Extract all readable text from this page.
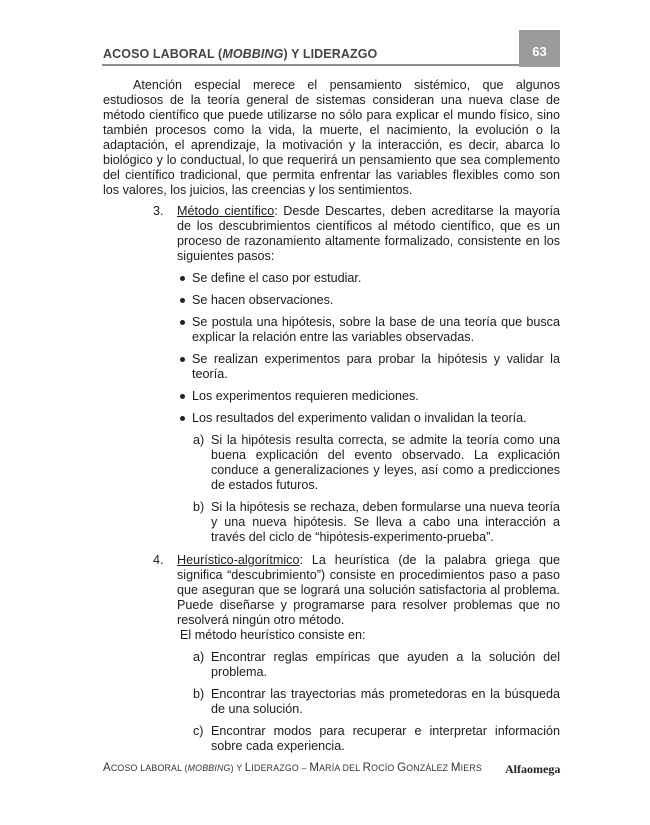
ACOSO LABORAL (MOBBING) Y LIDERAZGO	63

Atención especial merece el pensamiento sistémico, que algunos estudiosos de la teoría general de sistemas consideran una nueva clase de método científico que puede utilizarse no sólo para explicar el mundo físico, sino también procesos como la vida, la muerte, el nacimiento, la evolución o la adaptación, el aprendizaje, la motivación y la interacción, es decir, abarca lo biológico y lo conductual, lo que requerirá un pensamiento que sea complemento del científico tradicional, que permita enfrentar las variables flexibles como son los valores, los juicios, las creencias y los sentimientos.

3. Método científico: Desde Descartes, deben acreditarse la mayoría de los descubrimientos científicos al método científico, que es un proceso de razonamiento altamente formalizado, consistente en los siguientes pasos:
Se define el caso por estudiar.
Se hacen observaciones.
Se postula una hipótesis, sobre la base de una teoría que busca explicar la relación entre las variables observadas.
Se realizan experimentos para probar la hipótesis y validar la teoría.
Los experimentos requieren mediciones.
Los resultados del experimento validan o invalidan la teoría.
a) Si la hipótesis resulta correcta, se admite la teoría como una buena explicación del evento observado. La explicación conduce a generalizaciones y leyes, así como a predicciones de estados futuros.
b) Si la hipótesis se rechaza, deben formularse una nueva teoría y una nueva hipótesis. Se lleva a cabo una interacción a través del ciclo de “hipótesis-experimento-prueba”.
4. Heurístico-algorítmico: La heurística (de la palabra griega que significa “descubrimiento”) consiste en procedimientos paso a paso que aseguran que se logrará una solución satisfactoria al problema. Puede diseñarse y programarse para resolver problemas que no resolverá ningún otro método.

El método heurístico consiste en:

a) Encontrar reglas empíricas que ayuden a la solución del problema.
b) Encontrar las trayectorias más prometedoras en la búsqueda de una solución.
c) Encontrar modos para recuperar e interpretar información sobre cada experiencia.
ACOSO LABORAL (MOBBING) Y LIDERAZGO – MARÍA DEL ROCÍO GONZÁLEZ MIERS Alfaomega
